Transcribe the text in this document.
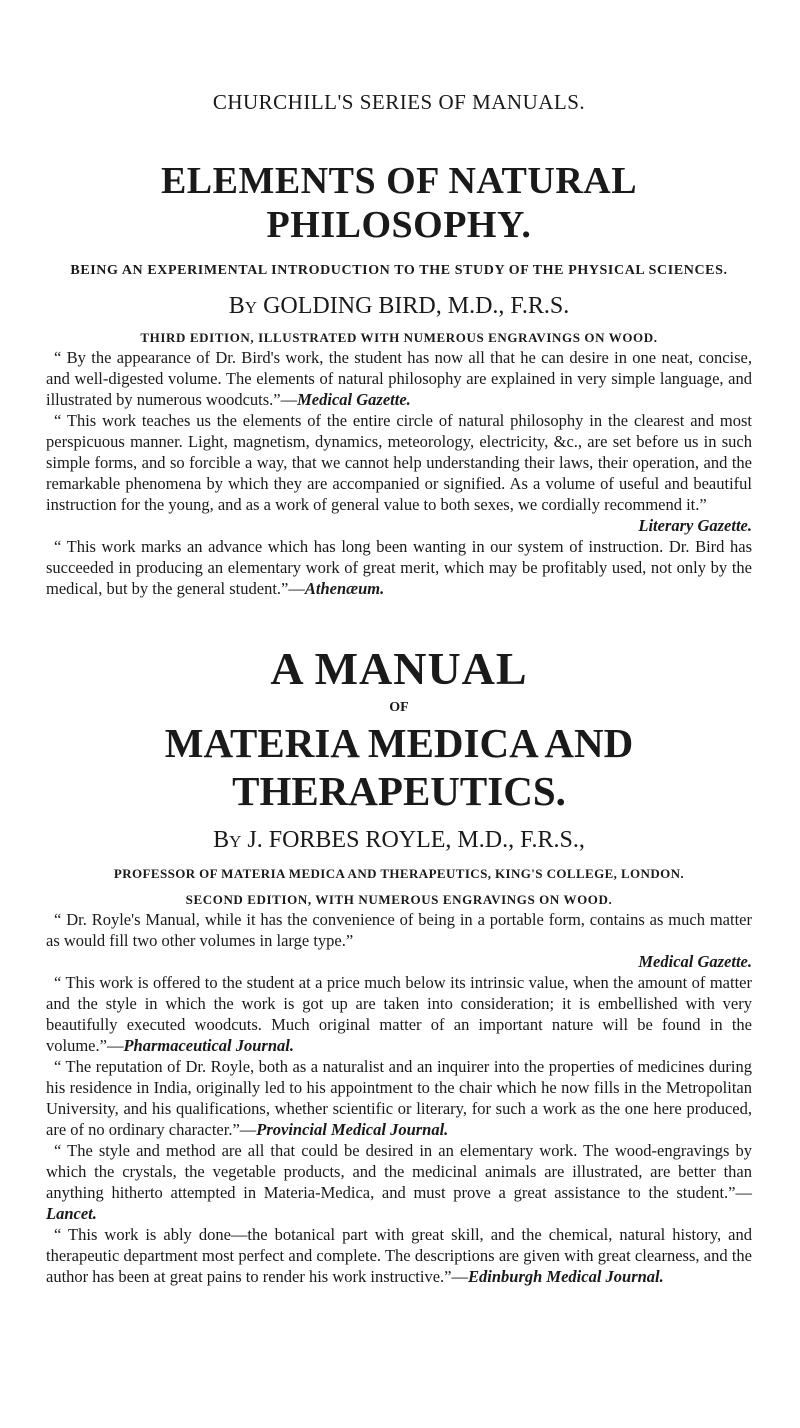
CHURCHILL'S SERIES OF MANUALS.
ELEMENTS OF NATURAL PHILOSOPHY.
BEING AN EXPERIMENTAL INTRODUCTION TO THE STUDY OF THE PHYSICAL SCIENCES.
By GOLDING BIRD, M.D., F.R.S.
THIRD EDITION, ILLUSTRATED WITH NUMEROUS ENGRAVINGS ON WOOD.

“ By the appearance of Dr. Bird's work, the student has now all that he can desire in one neat, concise, and well-digested volume. The elements of natural philosophy are explained in very simple language, and illustrated by numerous woodcuts.”—Medical Gazette.

“ This work teaches us the elements of the entire circle of natural philosophy in the clearest and most perspicuous manner. Light, magnetism, dynamics, meteorology, electricity, &c., are set before us in such simple forms, and so forcible a way, that we cannot help understanding their laws, their operation, and the remarkable phenomena by which they are accompanied or signified. As a volume of useful and beautiful instruction for the young, and as a work of general value to both sexes, we cordially recommend it.”

Literary Gazette.

“ This work marks an advance which has long been wanting in our system of instruction. Dr. Bird has succeeded in producing an elementary work of great merit, which may be profitably used, not only by the medical, but by the general student.”—Athenæum.

A MANUAL
OF
MATERIA MEDICA AND THERAPEUTICS.
By J. FORBES ROYLE, M.D., F.R.S.,
PROFESSOR OF MATERIA MEDICA AND THERAPEUTICS, KING'S COLLEGE, LONDON.
SECOND EDITION, WITH NUMEROUS ENGRAVINGS ON WOOD.

“ Dr. Royle's Manual, while it has the convenience of being in a portable form, contains as much matter as would fill two other volumes in large type.”

Medical Gazette.

“ This work is offered to the student at a price much below its intrinsic value, when the amount of matter and the style in which the work is got up are taken into consideration; it is embellished with very beautifully executed woodcuts. Much original matter of an important nature will be found in the volume.”—Pharmaceutical Journal.

“ The reputation of Dr. Royle, both as a naturalist and an inquirer into the properties of medicines during his residence in India, originally led to his appointment to the chair which he now fills in the Metropolitan University, and his qualifications, whether scientific or literary, for such a work as the one here produced, are of no ordinary character.”—Provincial Medical Journal.

“ The style and method are all that could be desired in an elementary work. The wood-engravings by which the crystals, the vegetable products, and the medicinal animals are illustrated, are better than anything hitherto attempted in Materia-Medica, and must prove a great assistance to the student.”—Lancet.

“ This work is ably done—the botanical part with great skill, and the chemical, natural history, and therapeutic department most perfect and complete. The descriptions are given with great clearness, and the author has been at great pains to render his work instructive.”—Edinburgh Medical Journal.
